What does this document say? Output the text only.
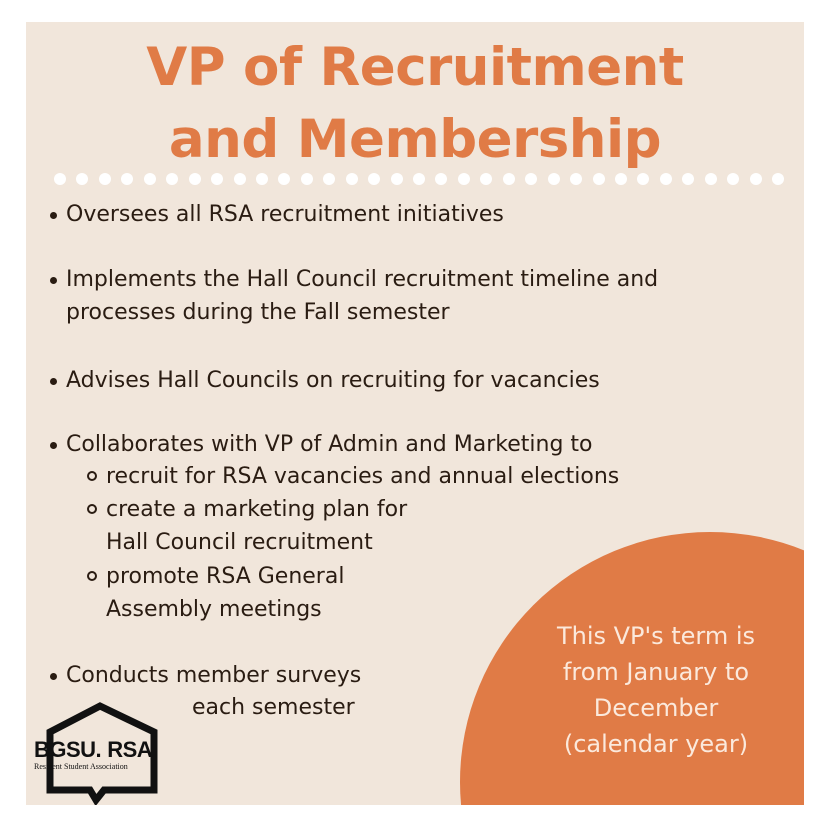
VP of Recruitment
and Membership
Oversees all RSA recruitment initiatives
Implements the Hall Council recruitment timeline and
processes during the Fall semester
Advises Hall Councils on recruiting for vacancies
Collaborates with VP of Admin and Marketing to
recruit for RSA vacancies and annual elections
create a marketing plan for
Hall Council recruitment
promote RSA General
Assembly meetings
This VP's term is
from January to
December
(calendar year)
Conducts member surveys
each semester
BGSU. RSA
Resident Student Association
